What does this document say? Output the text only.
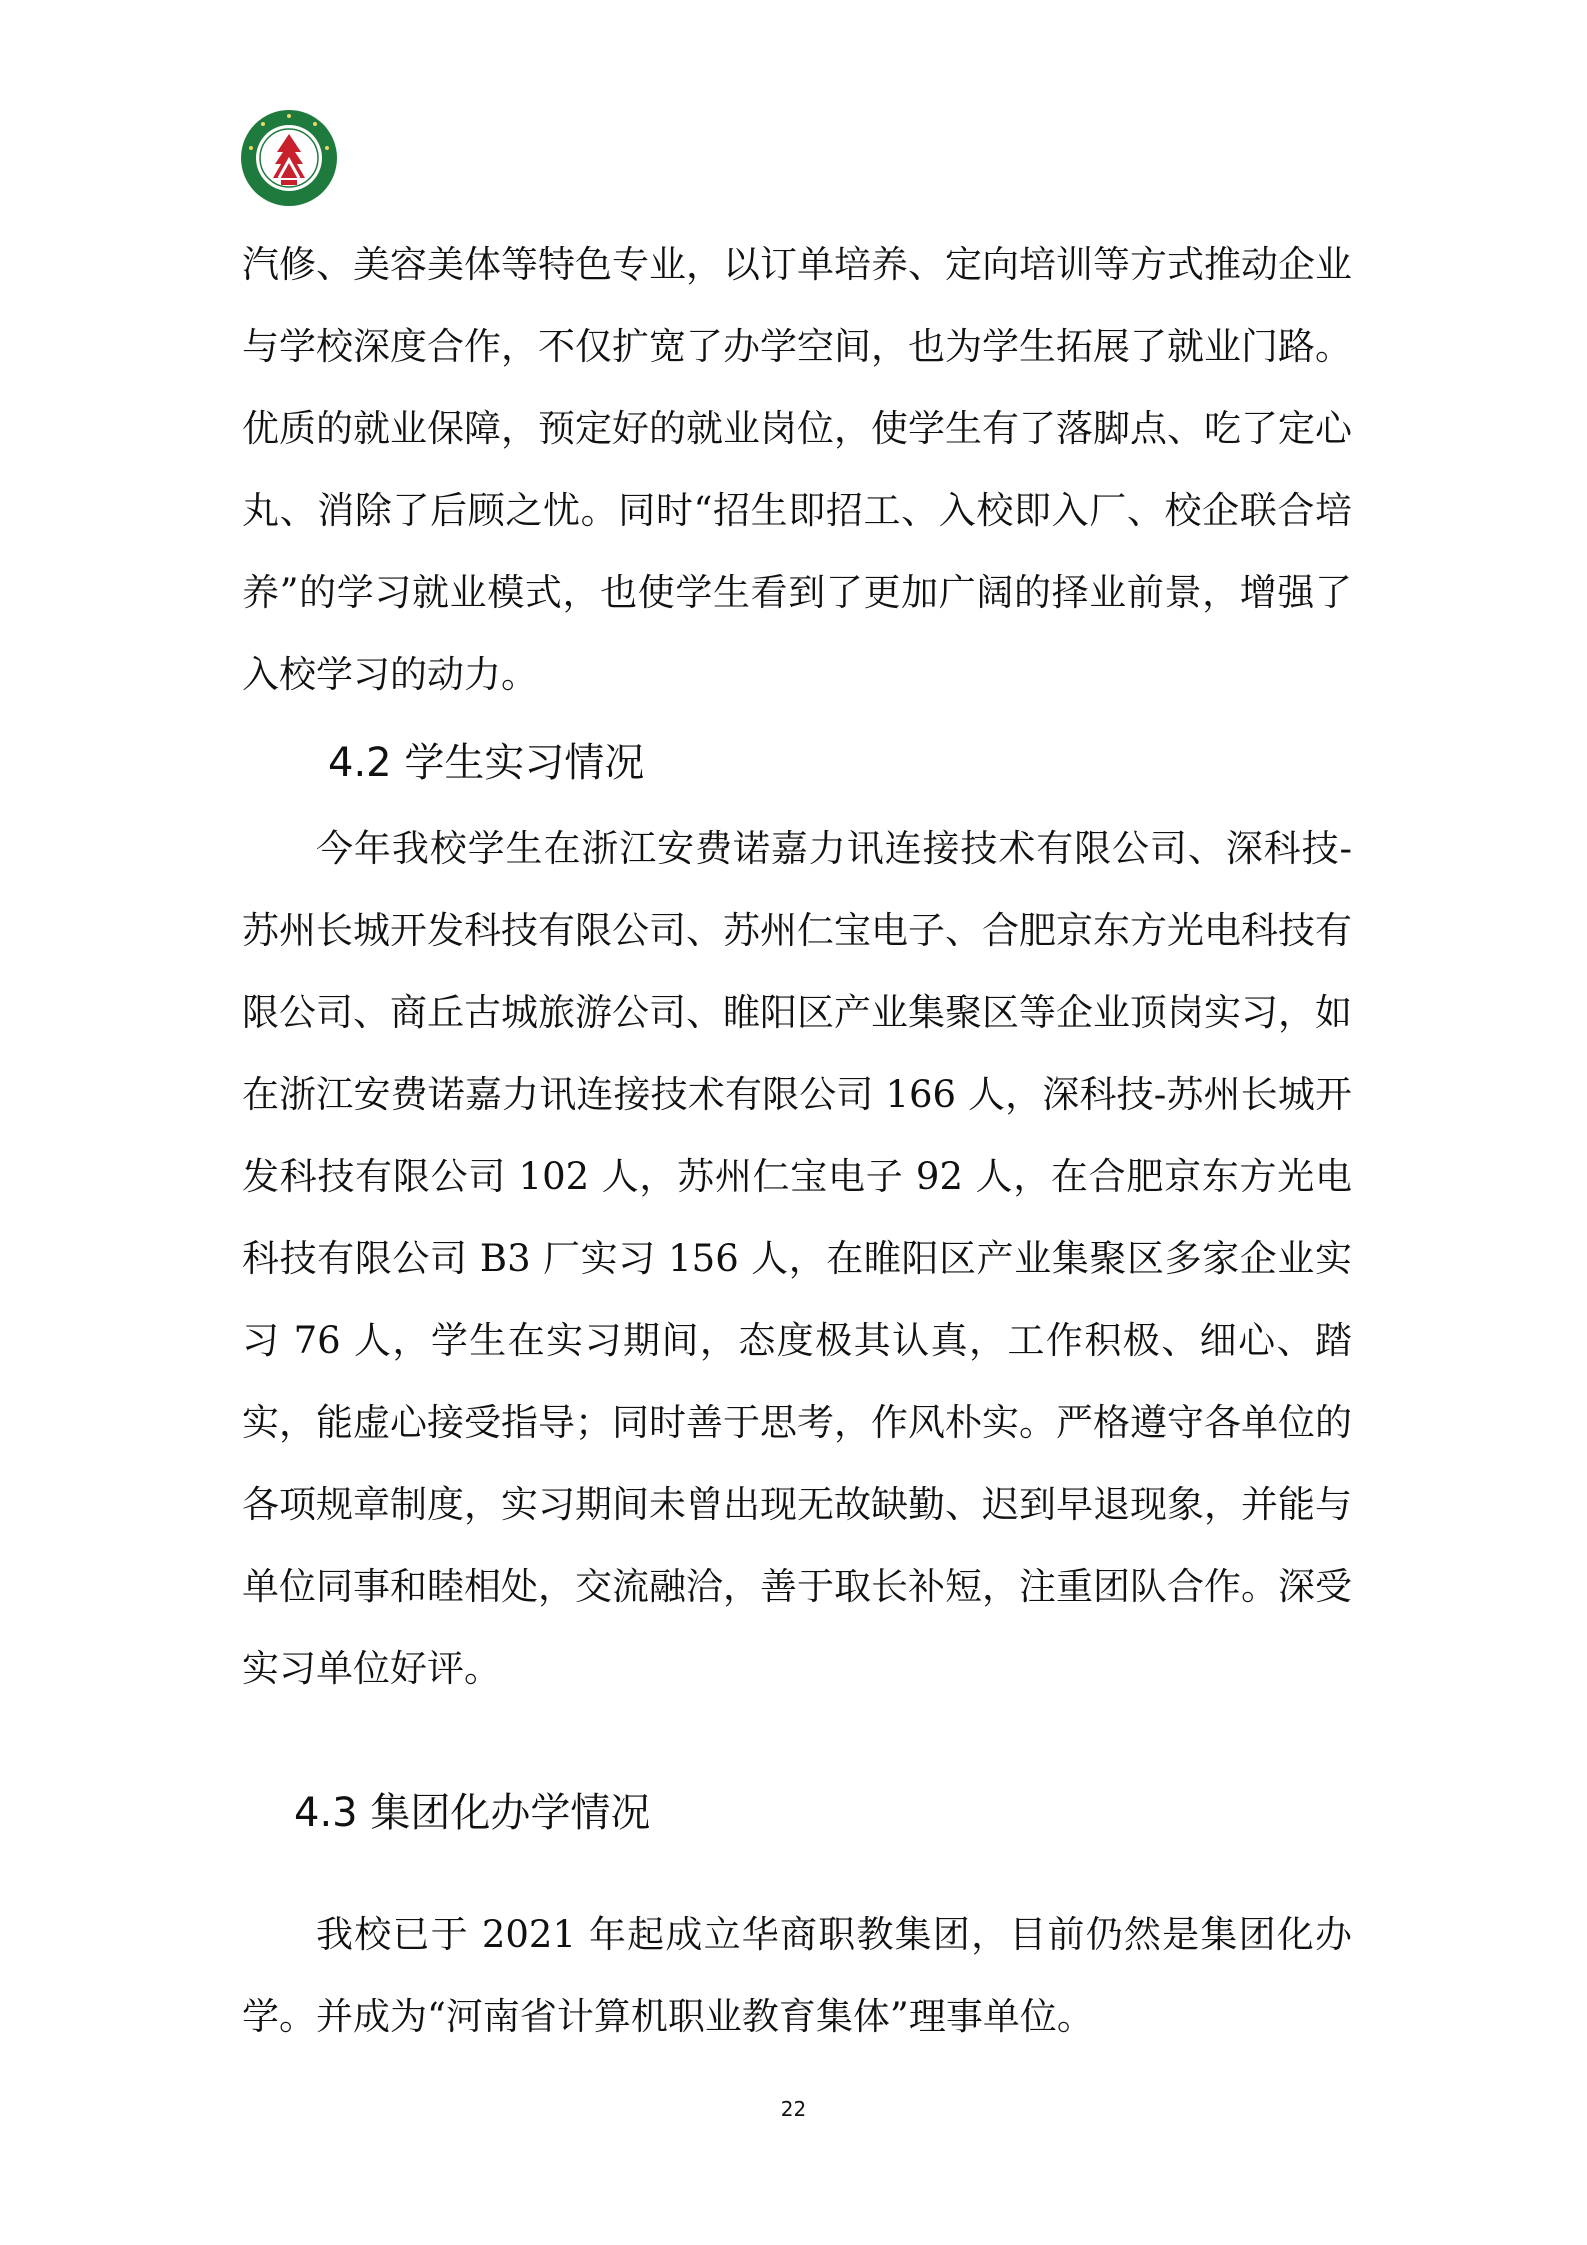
汽修、美容美体等特色专业，以订单培养、定向培训等方式推动企业与学校深度合作，不仅扩宽了办学空间，也为学生拓展了就业门路。优质的就业保障，预定好的就业岗位，使学生有了落脚点、吃了定心丸、消除了后顾之忧。同时“招生即招工、入校即入厂、校企联合培养”的学习就业模式，也使学生看到了更加广阔的择业前景，增强了入校学习的动力。

4.2 学生实习情况

今年我校学生在浙江安费诺嘉力讯连接技术有限公司、深科技-苏州长城开发科技有限公司、苏州仁宝电子、合肥京东方光电科技有限公司、商丘古城旅游公司、睢阳区产业集聚区等企业顶岗实习，如在浙江安费诺嘉力讯连接技术有限公司 166 人，深科技-苏州长城开发科技有限公司 102 人，苏州仁宝电子 92 人，在合肥京东方光电科技有限公司 B3 厂实习 156 人，在睢阳区产业集聚区多家企业实习 76 人，学生在实习期间，态度极其认真，工作积极、细心、踏实，能虚心接受指导；同时善于思考，作风朴实。严格遵守各单位的各项规章制度，实习期间未曾出现无故缺勤、迟到早退现象，并能与单位同事和睦相处，交流融洽，善于取长补短，注重团队合作。深受实习单位好评。

4.3 集团化办学情况

我校已于 2021 年起成立华商职教集团，目前仍然是集团化办学。并成为“河南省计算机职业教育集体”理事单位。

22
